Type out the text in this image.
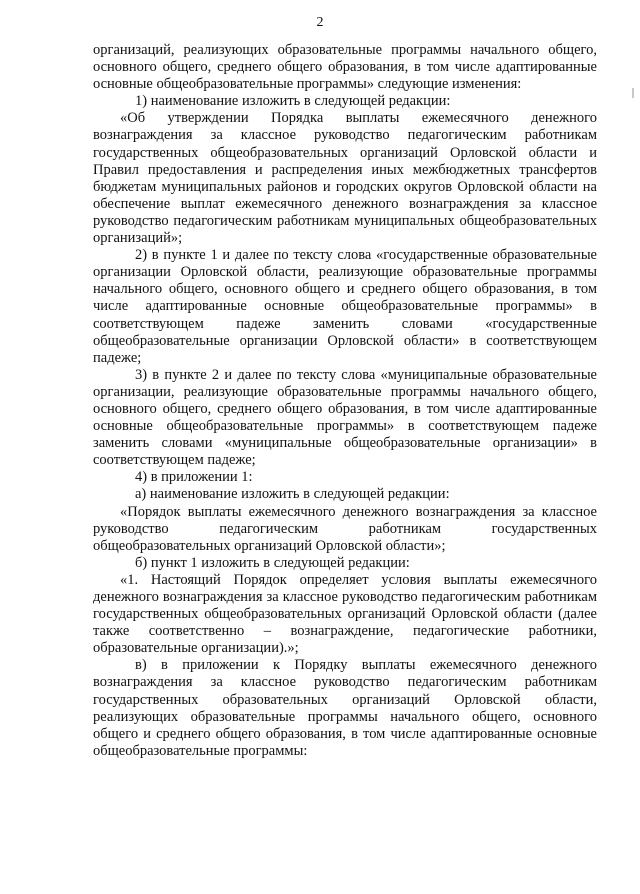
2

организаций, реализующих образовательные программы начального общего, основного общего, среднего общего образования, в том числе адаптированные основные общеобразовательные программы» следующие изменения:

1) наименование изложить в следующей редакции:

«Об утверждении Порядка выплаты ежемесячного денежного вознаграждения за классное руководство педагогическим работникам государственных общеобразовательных организаций Орловской области и Правил предоставления и распределения иных межбюджетных трансфертов бюджетам муниципальных районов и городских округов Орловской области на обеспечение выплат ежемесячного денежного вознаграждения за классное руководство педагогическим работникам муниципальных общеобразовательных организаций»;

2) в пункте 1 и далее по тексту слова «государственные образовательные организации Орловской области, реализующие образовательные программы начального общего, основного общего и среднего общего образования, в том числе адаптированные основные общеобразовательные программы» в соответствующем падеже заменить словами «государственные общеобразовательные организации Орловской области» в соответствующем падеже;

3) в пункте 2 и далее по тексту слова «муниципальные образовательные организации, реализующие образовательные программы начального общего, основного общего, среднего общего образования, в том числе адаптированные основные общеобразовательные программы» в соответствующем падеже заменить словами «муниципальные общеобразовательные организации» в соответствующем падеже;

4) в приложении 1:

а) наименование изложить в следующей редакции:

«Порядок выплаты ежемесячного денежного вознаграждения за классное руководство педагогическим работникам государственных общеобразовательных организаций Орловской области»;

б) пункт 1 изложить в следующей редакции:

«1. Настоящий Порядок определяет условия выплаты ежемесячного денежного вознаграждения за классное руководство педагогическим работникам государственных общеобразовательных организаций Орловской области (далее также соответственно – вознаграждение, педагогические работники, образовательные организации).»;

в) в приложении к Порядку выплаты ежемесячного денежного вознаграждения за классное руководство педагогическим работникам государственных образовательных организаций Орловской области, реализующих образовательные программы начального общего, основного общего и среднего общего образования, в том числе адаптированные основные общеобразовательные программы:
